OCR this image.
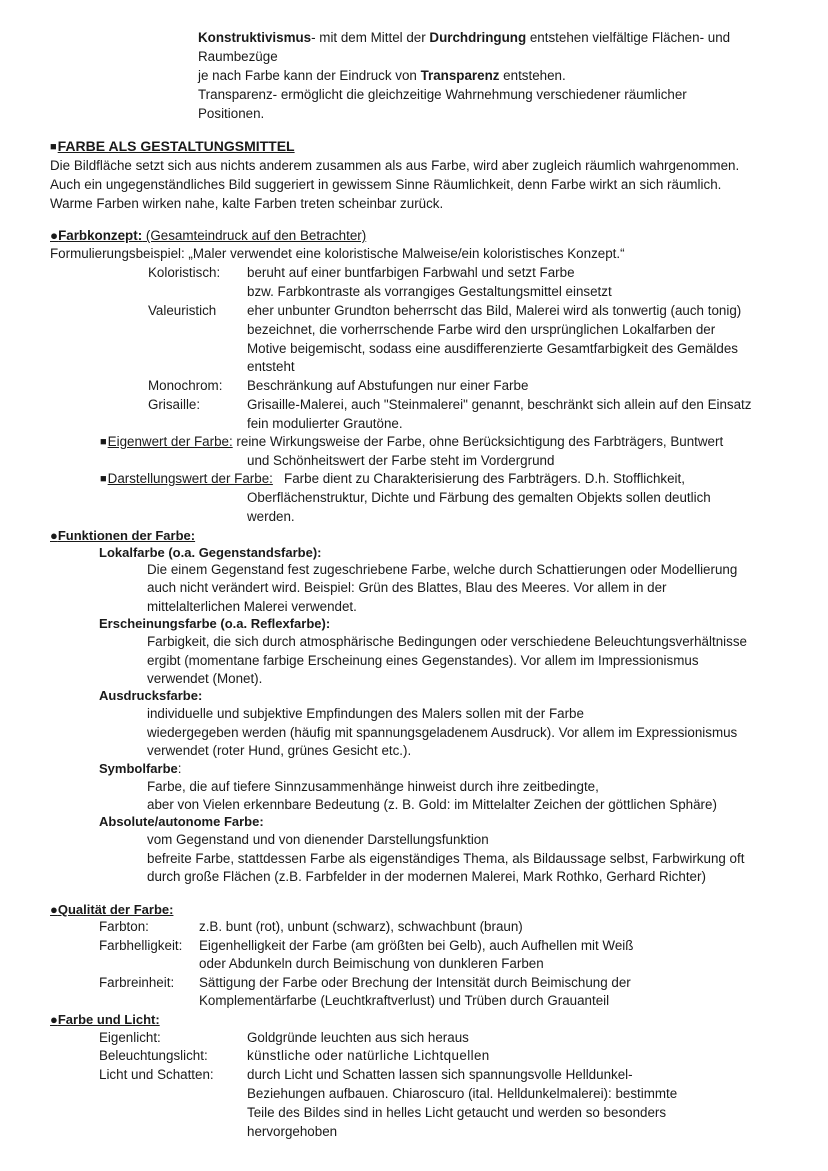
Konstruktivismus- mit dem Mittel der Durchdringung entstehen vielfältige Flächen- und
Raumbezüge
je nach Farbe kann der Eindruck von Transparenz entstehen.
Transparenz- ermöglicht die gleichzeitige Wahrnehmung verschiedener räumlicher
Positionen.
■FARBE ALS GESTALTUNGSMITTEL
Die Bildfläche setzt sich aus nichts anderem zusammen als aus Farbe, wird aber zugleich räumlich wahrgenommen.
Auch ein ungegenständliches Bild suggeriert in gewissem Sinne Räumlichkeit, denn Farbe wirkt an sich räumlich.
Warme Farben wirken nahe, kalte Farben treten scheinbar zurück.
●Farbkonzept: (Gesamteindruck auf den Betrachter)
Formulierungsbeispiel: „Maler verwendet eine koloristische Malweise/ein koloristisches Konzept.“
Koloristisch: beruht auf einer buntfarbigen Farbwahl und setzt Farbe
bzw. Farbkontraste als vorrangiges Gestaltungsmittel einsetzt
Valeuristich eher unbunter Grundton beherrscht das Bild, Malerei wird als tonwertig (auch tonig)
bezeichnet, die vorherrschende Farbe wird den ursprünglichen Lokalfarben der
Motive beigemischt, sodass eine ausdifferenzierte Gesamtfarbigkeit des Gemäldes
entsteht
Monochrom: Beschränkung auf Abstufungen nur einer Farbe
Grisaille:	Grisaille-Malerei, auch "Steinmalerei" genannt, beschränkt sich allein auf den Einsatz
fein modulierter Grautöne.
■Eigenwert der Farbe: reine Wirkungsweise der Farbe, ohne Berücksichtigung des Farbträgers, Buntwert
und Schönheitswert der Farbe steht im Vordergrund
■Darstellungswert der Farbe:   Farbe dient zu Charakterisierung des Farbträgers. D.h. Stofflichkeit,
Oberflächenstruktur, Dichte und Färbung des gemalten Objekts sollen deutlich
werden.
●Funktionen der Farbe:
Lokalfarbe (o.a. Gegenstandsfarbe):
Die einem Gegenstand fest zugeschriebene Farbe, welche durch Schattierungen oder Modellierung
auch nicht verändert wird. Beispiel: Grün des Blattes, Blau des Meeres. Vor allem in der
mittelalterlichen Malerei verwendet.
Erscheinungsfarbe (o.a. Reflexfarbe):
Farbigkeit, die sich durch atmosphärische Bedingungen oder verschiedene Beleuchtungsverhältnisse
ergibt (momentane farbige Erscheinung eines Gegenstandes). Vor allem im Impressionismus
verwendet (Monet).
Ausdrucksfarbe:
individuelle und subjektive Empfindungen des Malers sollen mit der Farbe
wiedergegeben werden (häufig mit spannungsgeladenem Ausdruck). Vor allem im Expressionismus
verwendet (roter Hund, grünes Gesicht etc.).
Symbolfarbe:
Farbe, die auf tiefere Sinnzusammenhänge hinweist durch ihre zeitbedingte,
aber von Vielen erkennbare Bedeutung (z. B. Gold: im Mittelalter Zeichen der göttlichen Sphäre)
Absolute/autonome Farbe:
vom Gegenstand und von dienender Darstellungsfunktion
befreite Farbe, stattdessen Farbe als eigenständiges Thema, als Bildaussage selbst, Farbwirkung oft
durch große Flächen (z.B. Farbfelder in der modernen Malerei, Mark Rothko, Gerhard Richter)
●Qualität der Farbe:
Farbton:	z.B. bunt (rot), unbunt (schwarz), schwachbunt (braun)
Farbhelligkeit: Eigenhelligkeit der Farbe (am größten bei Gelb), auch Aufhellen mit Weiß
oder Abdunkeln durch Beimischung von dunkleren Farben
Farbreinheit: Sättigung der Farbe oder Brechung der Intensität durch Beimischung der
Komplementärfarbe (Leuchtkraftverlust) und Trüben durch Grauanteil
●Farbe und Licht:
Eigenlicht:	Goldgründe leuchten aus sich heraus
Beleuchtungslicht:	künstliche oder natürliche Lichtquellen
Licht und Schatten: durch Licht und Schatten lassen sich spannungsvolle Helldunkel-
Beziehungen aufbauen. Chiaroscuro (ital. Helldunkelmalerei): bestimmte
Teile des Bildes sind in helles Licht getaucht und werden so besonders
hervorgehoben
